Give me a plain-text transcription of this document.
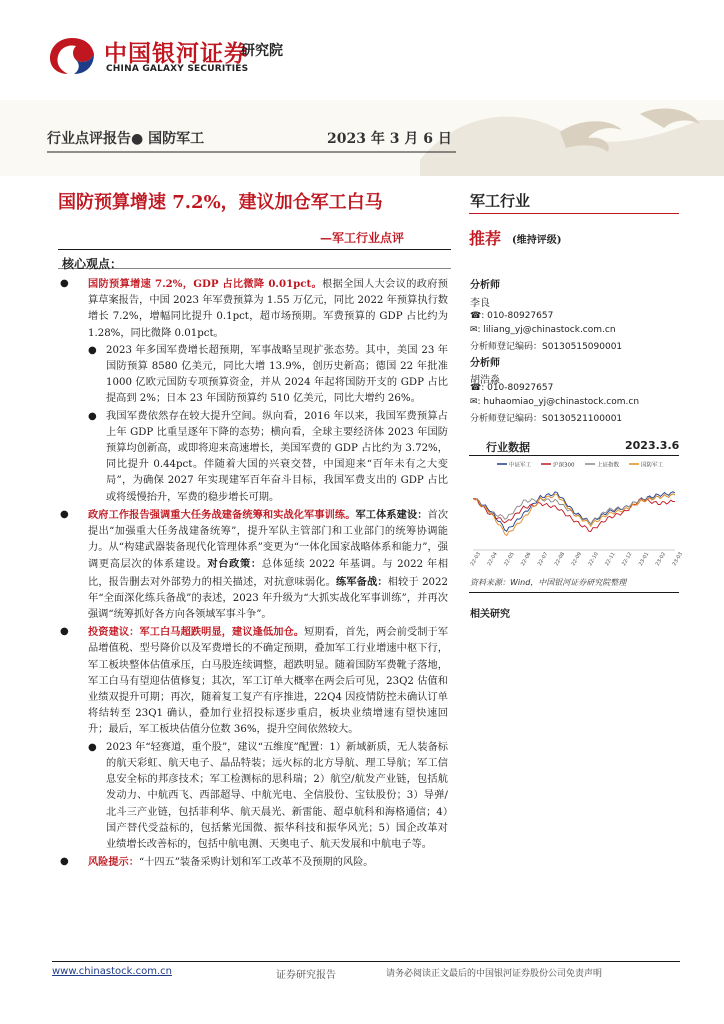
中国银河证券
CHINA GALAXY SECURITIES
研究院
行业点评报告● 国防军工	2023 年 3 月 6 日
国防预算增速 7.2%，建议加仓军工白马
—军工行业点评
军工行业
推荐 (维持评级)
核心观点：
● 国防预算增速 7.2%，GDP 占比微降 0.01pct。根据全国人大会议的政府预算草案报告，中国 2023 年军费预算为 1.55 万亿元，同比 2022 年预算执行数增长 7.2%，增幅同比提升 0.1pct，超市场预期。军费预算的 GDP 占比约为 1.28%，同比微降 0.01pct。
● 2023 年多国军费增长超预期，军事战略呈现扩张态势。其中，美国 23 年国防预算 8580 亿美元，同比大增 13.9%，创历史新高；德国 22 年批准 1000 亿欧元国防专项预算资金，并从 2024 年起将国防开支的 GDP 占比提高到 2%；日本 23 年国防预算约 510 亿美元，同比大增约 26%。
● 我国军费依然存在较大提升空间。纵向看，2016 年以来，我国军费预算占上年 GDP 比重呈逐年下降的态势；横向看，全球主要经济体 2023 年国防预算均创新高，或即将迎来高速增长，美国军费的 GDP 占比约为 3.72%，同比提升 0.44pct。伴随着大国的兴衰交替，中国迎来“百年未有之大变局”，为确保 2027 年实现建军百年奋斗目标，我国军费支出的 GDP 占比或将缓慢抬升，军费的稳步增长可期。
● 政府工作报告强调重大任务战建备统筹和实战化军事训练。军工体系建设：首次提出“加强重大任务战建备统筹”，提升军队主管部门和工业部门的统筹协调能力。从“构建武器装备现代化管理体系”变更为“一体化国家战略体系和能力”，强调更高层次的体系建设。对台政策：总体延续 2022 年基调。与 2022 年相比，报告删去对外部势力的相关描述，对抗意味弱化。练军备战：相较于 2022 年“全面深化练兵备战”的表述，2023 年升级为“大抓实战化军事训练”，并再次强调“统筹抓好各方向各领域军事斗争”。
● 投资建议：军工白马超跌明显，建议逢低加仓。短期看，首先，两会前受制于军品增值税、型号降价以及军费增长的不确定预期，叠加军工行业增速中枢下行，军工板块整体估值承压，白马股连续调整，超跌明显。随着国防军费靴子落地，军工白马有望迎估值修复；其次，军工订单大概率在两会后可见，23Q2 估值和业绩双提升可期；再次，随着复工复产有序推进，22Q4 因疫情防控未确认订单将结转至 23Q1 确认，叠加行业招投标逐步重启，板块业绩增速有望快速回升；最后，军工板块估值分位数 36%，提升空间依然较大。
● 2023 年“轻赛道，重个股”，建议“五维度”配置：1）新域新质，无人装备标的航天彩虹、航天电子、晶品特装；远火标的北方导航、理工导航；军工信息安全标的邦彦技术；军工检测标的思科瑞；2）航空/航发产业链，包括航发动力、中航西飞、西部超导、中航光电、全信股份、宝钛股份；3）导弹/北斗三产业链，包括菲利华、航天晨光、新雷能、超卓航科和海格通信；4）国产替代受益标的，包括紫光国微、振华科技和振华风光；5）国企改革对业绩增长改善标的，包括中航电测、天奥电子、航天发展和中航电子等。
● 风险提示：“十四五”装备采购计划和军工改革不及预期的风险。
分析师
李良
☎: 010-80927657
✉: liliang_yj@chinastock.com.cn
分析师登记编码：S0130515090001
分析师
胡浩淼
☎: 010-80927657
✉: huhaomiao_yj@chinastock.com.cn
分析师登记编码：S0130521100001
行业数据	2023.3.6
中证军工	沪深300	上证指数	国防军工
22-03 22-04 22-05 22-06 22-07 22-08 22-09 22-10 22-11 22-12 23-01 23-02 23-03
资料来源：Wind，中国银河证券研究院整理
相关研究
www.chinastock.com.cn	证券研究报告	请务必阅读正文最后的中国银河证券股份公司免责声明
